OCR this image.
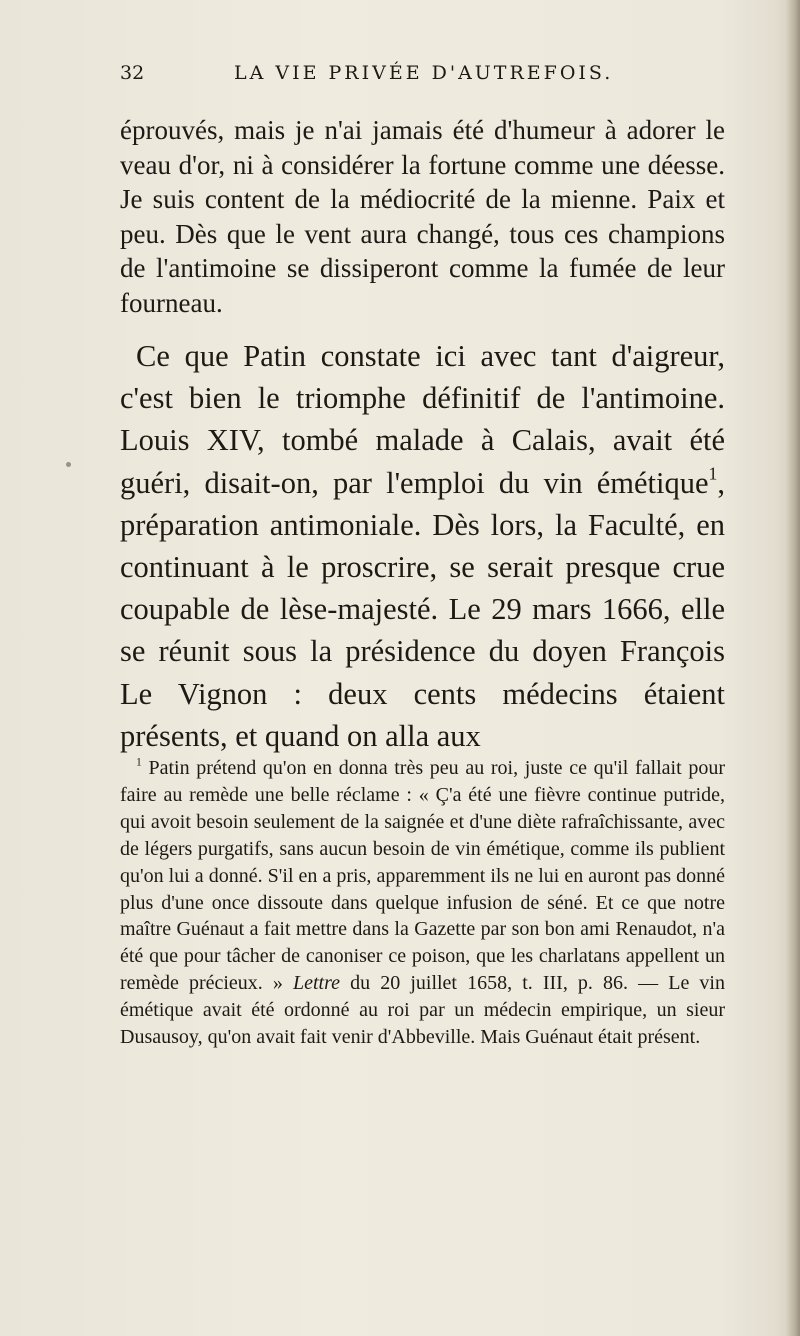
32	LA VIE PRIVÉE D'AUTREFOIS.

éprouvés, mais je n'ai jamais été d'humeur à adorer le veau d'or, ni à considérer la fortune comme une déesse. Je suis content de la médiocrité de la mienne. Paix et peu. Dès que le vent aura changé, tous ces champions de l'antimoine se dissiperont comme la fumée de leur fourneau.

Ce que Patin constate ici avec tant d'aigreur, c'est bien le triomphe définitif de l'antimoine. Louis XIV, tombé malade à Calais, avait été guéri, disait-on, par l'emploi du vin émétique$^1$, préparation antimoniale. Dès lors, la Faculté, en continuant à le proscrire, se serait presque crue coupable de lèse-majesté. Le 29 mars 1666, elle se réunit sous la présidence du doyen François Le Vignon : deux cents médecins étaient présents, et quand on alla aux

$^1$ Patin prétend qu'on en donna très peu au roi, juste ce qu'il fallait pour faire au remède une belle réclame : « Ç'a été une fièvre continue putride, qui avoit besoin seulement de la saignée et d'une diète rafraîchissante, avec de légers purgatifs, sans aucun besoin de vin émétique, comme ils publient qu'on lui a donné. S'il en a pris, apparemment ils ne lui en auront pas donné plus d'une once dissoute dans quelque infusion de séné. Et ce que notre maître Guénaut a fait mettre dans la Gazette par son bon ami Renaudot, n'a été que pour tâcher de canoniser ce poison, que les charlatans appellent un remède précieux. » Lettre du 20 juillet 1658, t. III, p. 86. — Le vin émétique avait été ordonné au roi par un médecin empirique, un sieur Dusausoy, qu'on avait fait venir d'Abbeville. Mais Guénaut était présent.
